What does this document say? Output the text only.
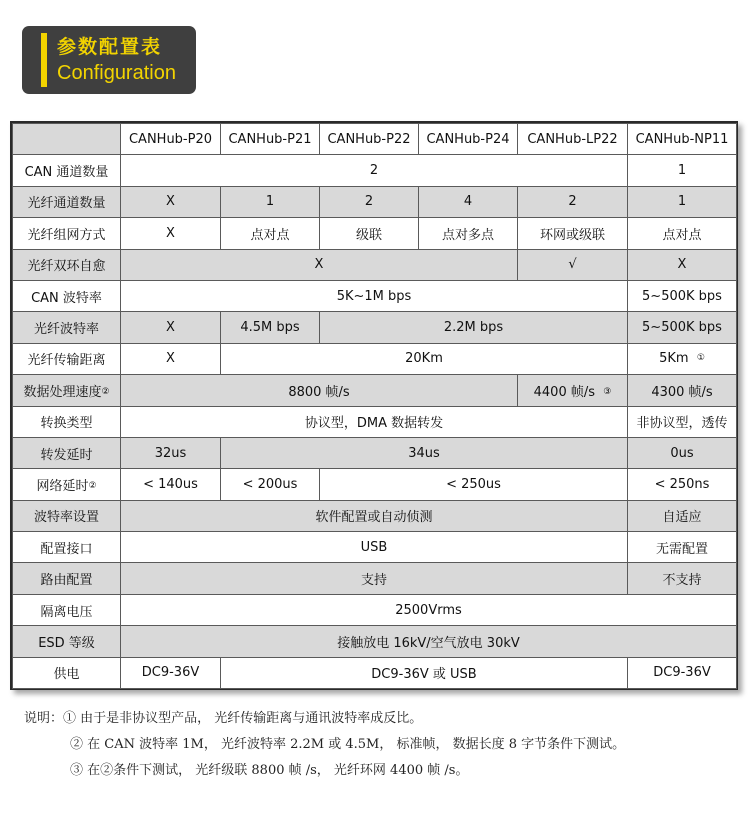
参数配置表
Configuration
	CANHub-P20	CANHub-P21	CANHub-P22	CANHub-P24	CANHub-LP22	CANHub-NP11
CAN 通道数量	2					1
光纤通道数量	X	1	2	4	2	1
光纤组网方式	X	点对点	级联	点对多点	环网或级联	点对点
光纤双环自愈	X				√	X
CAN 波特率	5K~1M bps					5~500K bps
光纤波特率	X	4.5M bps	2.2M bps			5~500K bps
光纤传输距离	X	20Km				5Km ①
数据处理速度②	8800 帧/s				4400 帧/s ③	4300 帧/s
转换类型	协议型，DMA 数据转发					非协议型，透传
转发延时	32us	34us				0us
网络延时②	< 140us	< 200us	< 250us			< 250ns
波特率设置	软件配置或自动侦测					自适应
配置接口	USB					无需配置
路由配置	支持					不支持
隔离电压	2500Vrms					
ESD 等级	接触放电 16kV/空气放电 30kV					
供电	DC9-36V	DC9-36V 或 USB				DC9-36V
说明：① 由于是非协议型产品， 光纤传输距离与通讯波特率成反比。
② 在 CAN 波特率 1M， 光纤波特率 2.2M 或 4.5M， 标准帧， 数据长度 8 字节条件下测试。
③ 在②条件下测试， 光纤级联 8800 帧 /s， 光纤环网 4400 帧 /s。
